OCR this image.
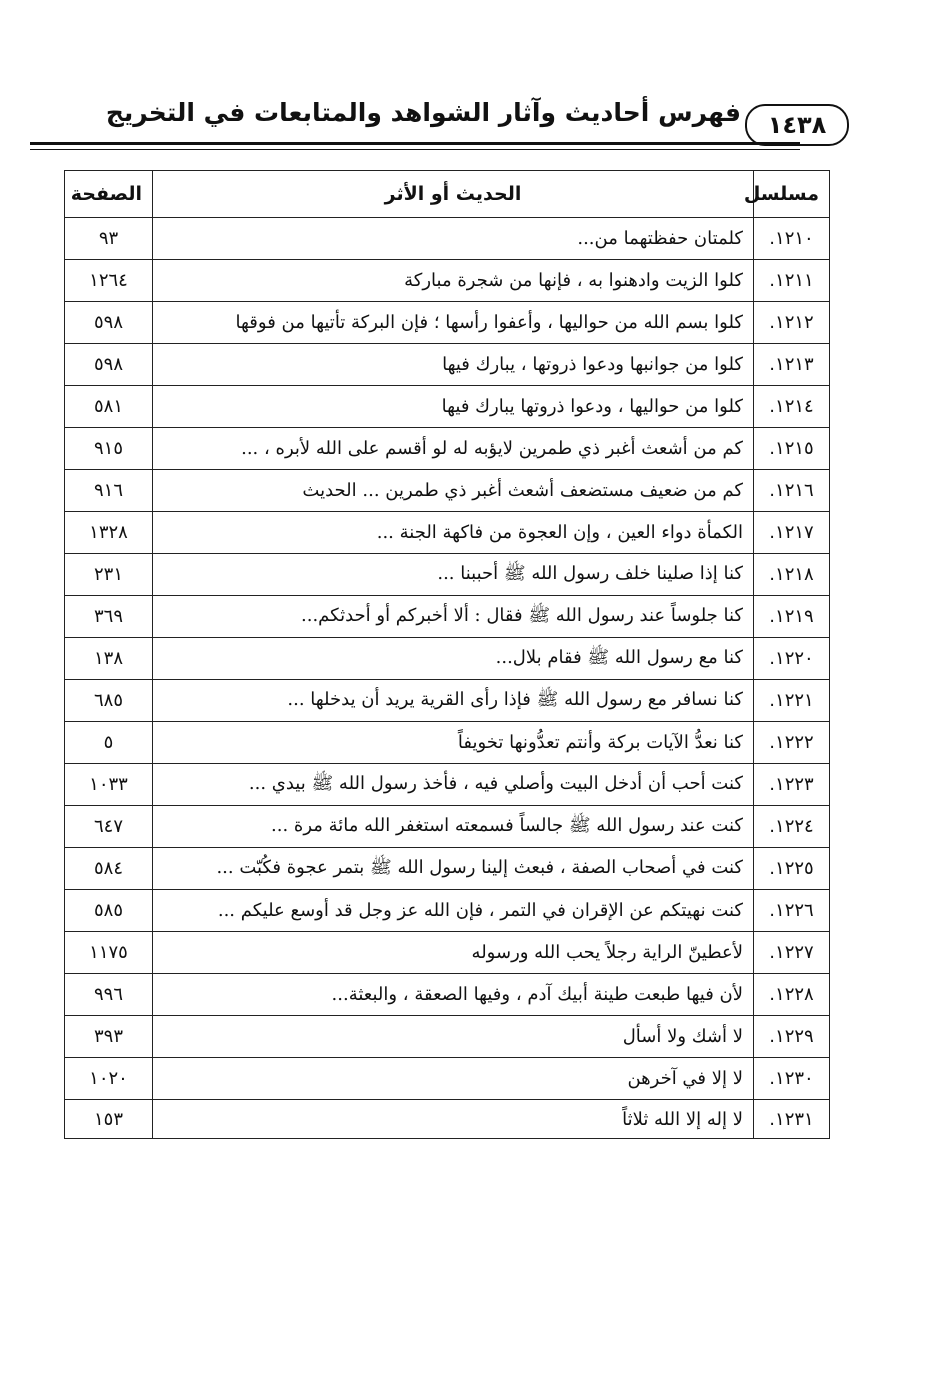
فهرس أحاديث وآثار الشواهد والمتابعات في التخريج ١٤٣٨
مسلسل	الحديث أو الأثر	الصفحة
١٢١٠.	كلمتان حفظتهما من...	٩٣
١٢١١.	كلوا الزيت وادهنوا به ، فإنها من شجرة مباركة	١٢٦٤
١٢١٢.	كلوا بسم الله من حواليها ، وأعفوا رأسها ؛ فإن البركة تأتيها من فوقها	٥٩٨
١٢١٣.	كلوا من جوانبها ودعوا ذروتها ، يبارك فيها	٥٩٨
١٢١٤.	كلوا من حواليها ، ودعوا ذروتها يبارك فيها	٥٨١
١٢١٥.	كم من أشعث أغبر ذي طمرين لايؤبه له لو أقسم على الله لأبره ، ...	٩١٥
١٢١٦.	كم من ضعيف مستضعف أشعث أغبر ذي طمرين ... الحديث	٩١٦
١٢١٧.	الكمأة دواء العين ، وإن العجوة من فاكهة الجنة ...	١٣٢٨
١٢١٨.	كنا إذا صلينا خلف رسول الله ﷺ أحببنا ...	٢٣١
١٢١٩.	كنا جلوساً عند رسول الله ﷺ فقال : ألا أخبركم أو أحدثكم...	٣٦٩
١٢٢٠.	كنا مع رسول الله ﷺ فقام بلال...	١٣٨
١٢٢١.	كنا نسافر مع رسول الله ﷺ فإذا رأى القرية يريد أن يدخلها ...	٦٨٥
١٢٢٢.	كنا نعدُّ الآيات بركة وأنتم تعدُّونها تخويفاً	٥
١٢٢٣.	كنت أحب أن أدخل البيت وأصلي فيه ، فأخذ رسول الله ﷺ بيدي ...	١٠٣٣
١٢٢٤.	كنت عند رسول الله ﷺ جالساً فسمعته استغفر الله مائة مرة ...	٦٤٧
١٢٢٥.	كنت في أصحاب الصفة ، فبعث إلينا رسول الله ﷺ بتمر عجوة فكُبّت ...	٥٨٤
١٢٢٦.	كنت نهيتكم عن الإقران في التمر ، فإن الله عز وجل قد أوسع عليكم ...	٥٨٥
١٢٢٧.	لأعطينّ الراية رجلاً يحب الله ورسوله	١١٧٥
١٢٢٨.	لأن فيها طبعت طينة أبيك آدم ، وفيها الصعقة ، والبعثة...	٩٩٦
١٢٢٩.	لا أشك ولا أسأل	٣٩٣
١٢٣٠.	لا إلا في آخرهن	١٠٢٠
١٢٣١.	لا إله إلا الله ثلاثاً	١٥٣
